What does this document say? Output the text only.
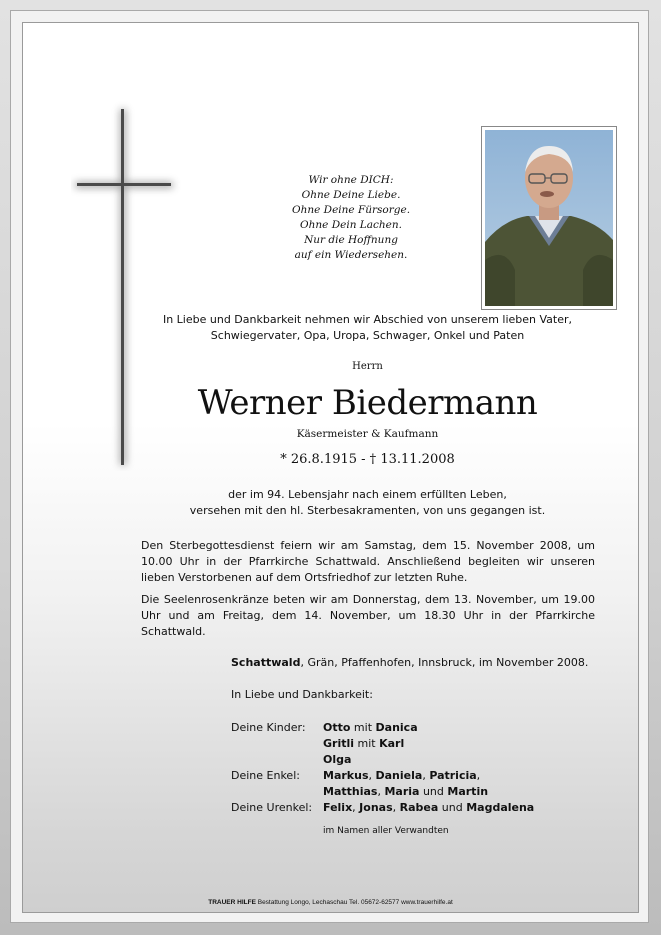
Wir ohne DICH:
Ohne Deine Liebe.
Ohne Deine Fürsorge.
Ohne Dein Lachen.
Nur die Hoffnung
auf ein Wiedersehen.
In Liebe und Dankbarkeit nehmen wir Abschied von unserem lieben Vater,
Schwiegervater, Opa, Uropa, Schwager, Onkel und Paten
Herrn
Werner Biedermann
Käsermeister & Kaufmann
* 26.8.1915 - † 13.11.2008
der im 94. Lebensjahr nach einem erfüllten Leben,
versehen mit den hl. Sterbesakramenten, von uns gegangen ist.
Den Sterbegottesdienst feiern wir am Samstag, dem 15. November 2008, um 10.00 Uhr in der Pfarrkirche Schattwald. Anschließend begleiten wir unseren lieben Verstorbenen auf dem Ortsfriedhof zur letzten Ruhe.
Die Seelenrosenkränze beten wir am Donnerstag, dem 13. November, um 19.00 Uhr und am Freitag, dem 14. November, um 18.30 Uhr in der Pfarrkirche Schattwald.
Schattwald, Grän, Pfaffenhofen, Innsbruck, im November 2008.
In Liebe und Dankbarkeit:
Deine Kinder:	Otto mit Danica
Gritli mit Karl
Olga
Deine Enkel:	Markus, Daniela, Patricia,
Matthias, Maria und Martin
Deine Urenkel: Felix, Jonas, Rabea und Magdalena
im Namen aller Verwandten
TRAUER HILFE Bestattung Longo, Lechaschau Tel. 05672-62577 www.trauerhilfe.at
